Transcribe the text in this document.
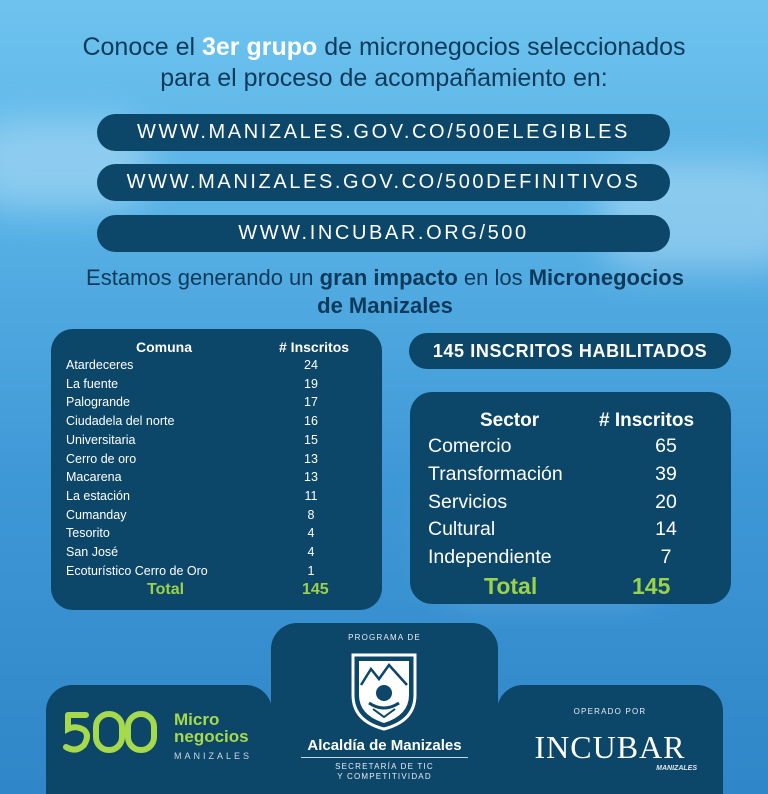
Conoce el 3er grupo de micronegocios seleccionados
para el proceso de acompañamiento en:
WWW.MANIZALES.GOV.CO/500ELEGIBLES
WWW.MANIZALES.GOV.CO/500DEFINITIVOS
WWW.INCUBAR.ORG/500
Estamos generando un gran impacto en los Micronegocios
de Manizales
Comuna	# Inscritos
Atardeceres	24
La fuente	19
Palogrande	17
Ciudadela del norte	16
Universitaria	15
Cerro de oro	13
Macarena	13
La estación	11
Cumanday	8
Tesorito	4
San José	4
Ecoturístico Cerro de Oro	1
Total	145
145 INSCRITOS HABILITADOS
Sector	# Inscritos
Comercio	65
Transformación	39
Servicios	20
Cultural	14
Independiente	7
Total	145
Micro
negocios
MANIZALES
PROGRAMA DE
Alcaldía de Manizales
SECRETARÍA DE TIC
Y COMPETITIVIDAD
OPERADO POR
INCUBAR
MANIZALES
